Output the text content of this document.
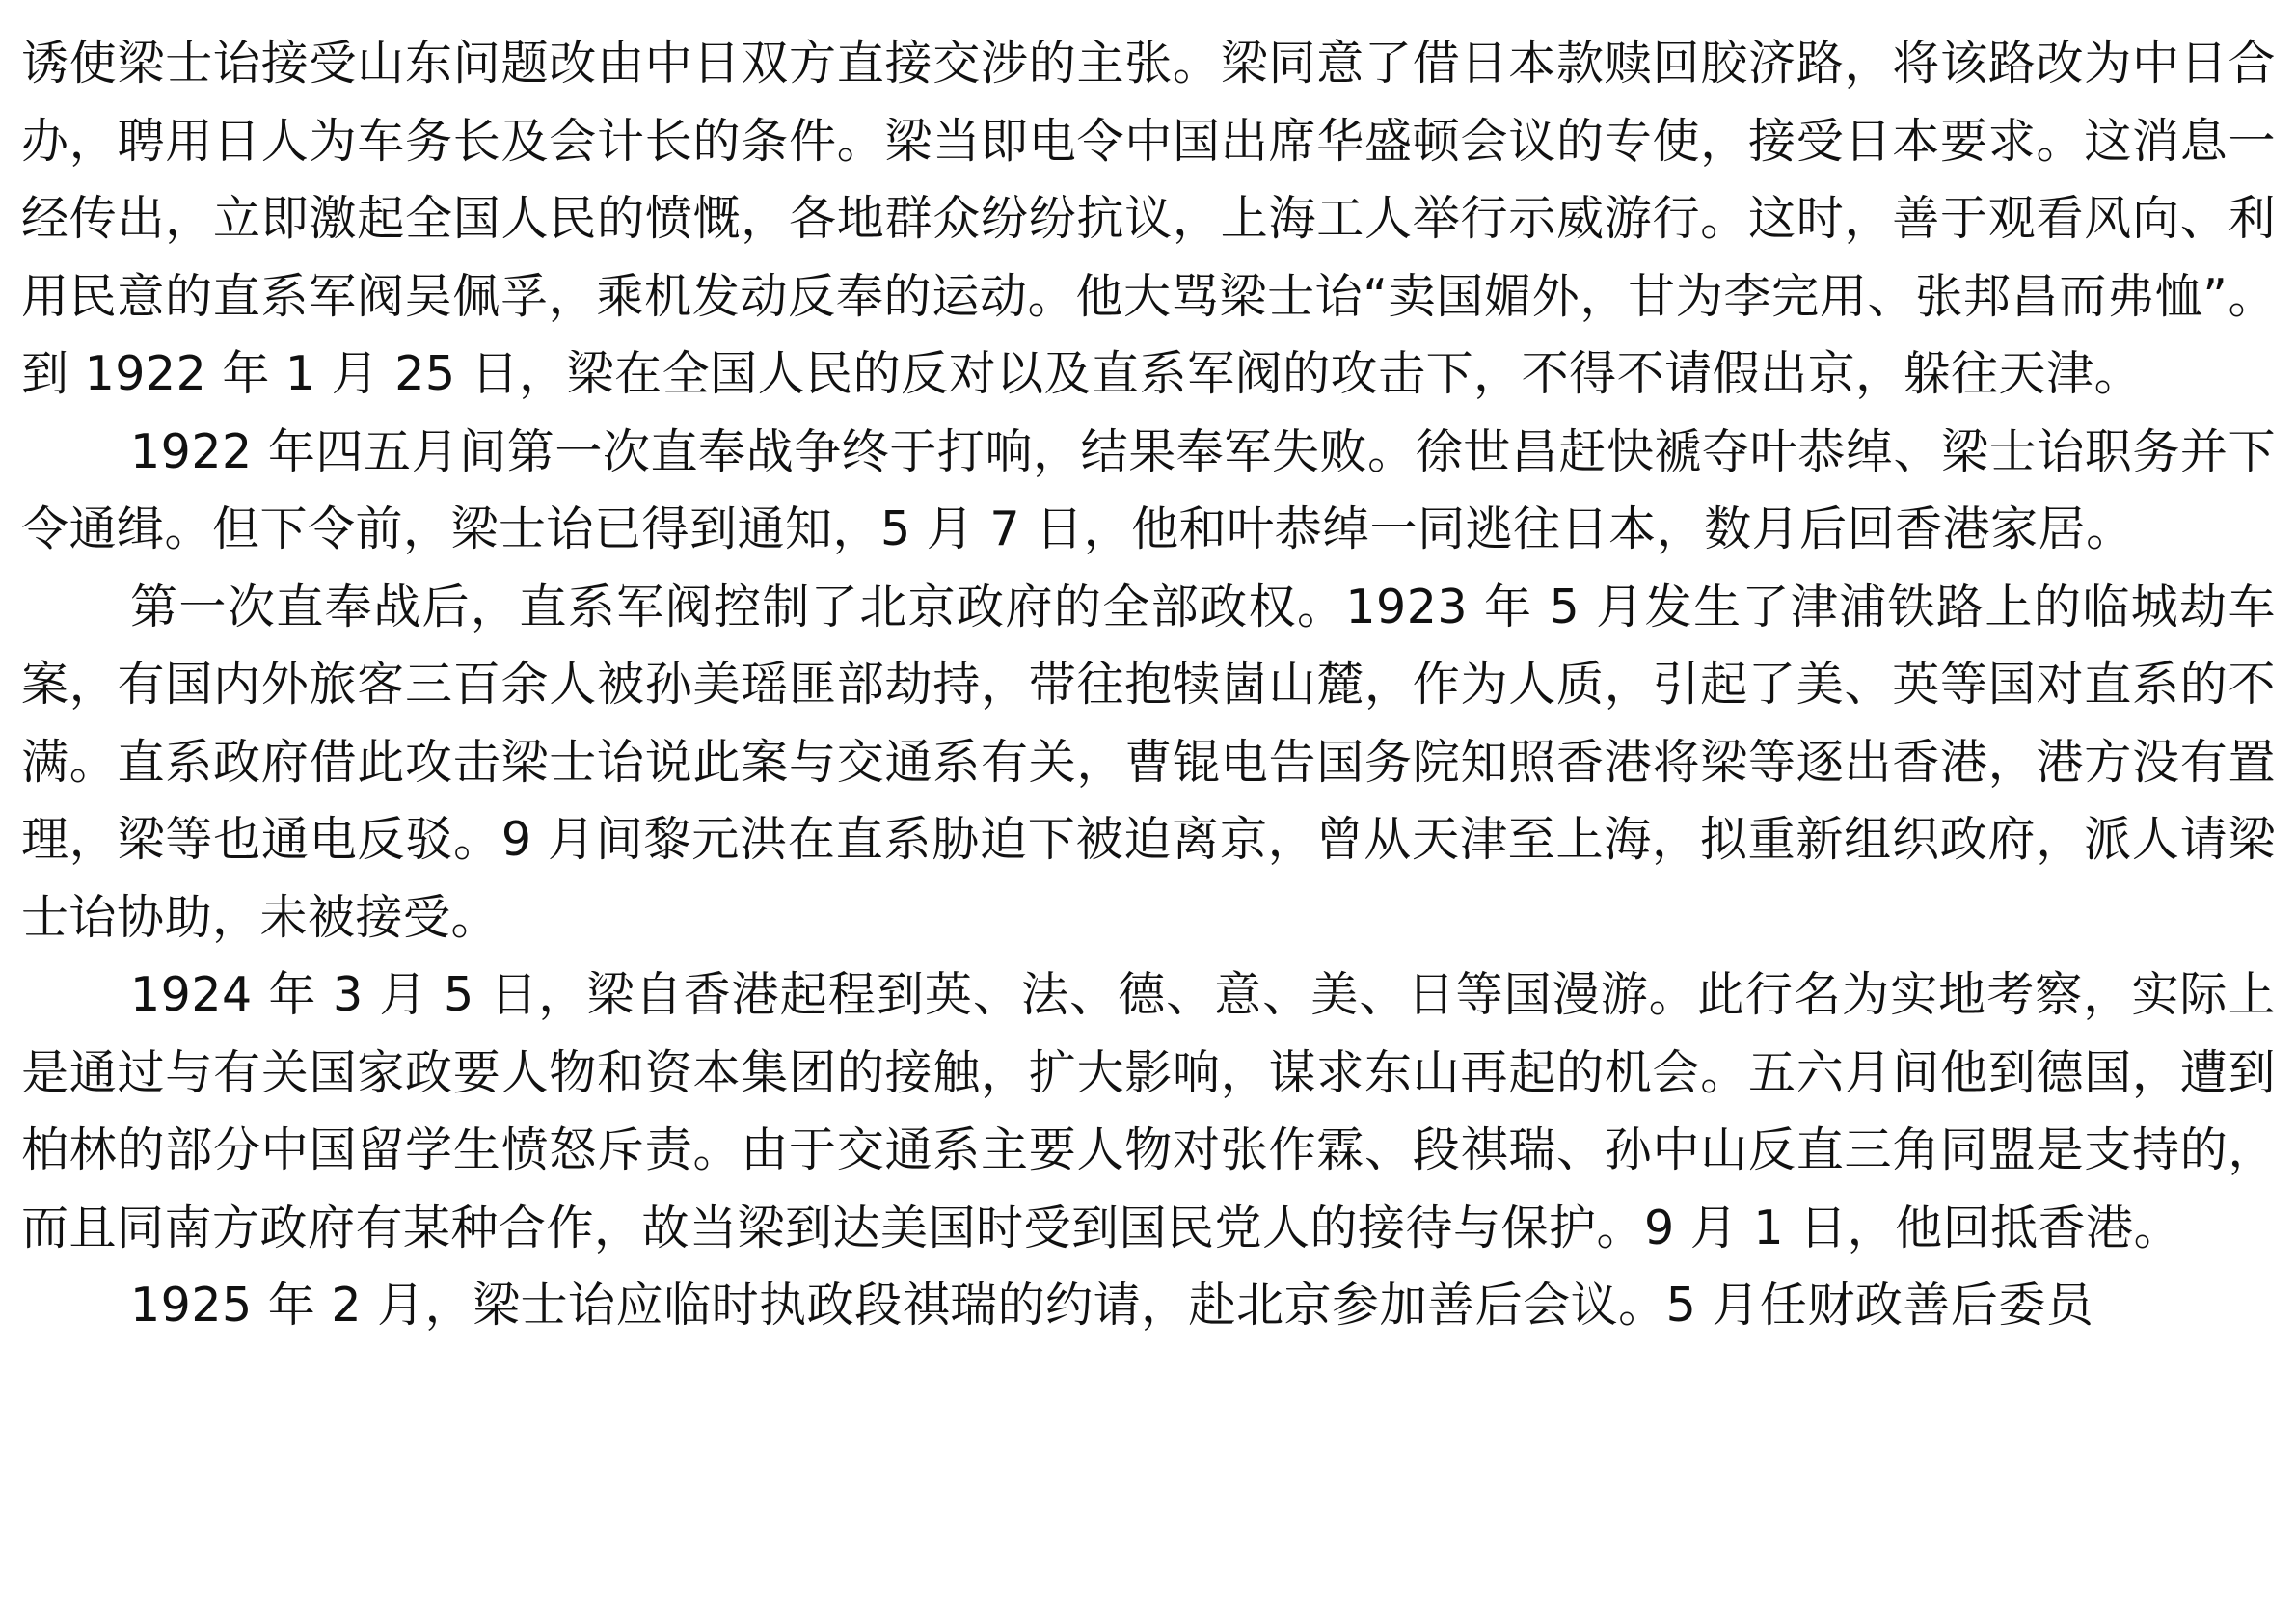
诱使梁士诒接受山东问题改由中日双方直接交涉的主张。梁同意了借日本款赎回胶济路，将该路改为中日合办，聘用日人为车务长及会计长的条件。梁当即电令中国出席华盛顿会议的专使，接受日本要求。这消息一经传出，立即激起全国人民的愤慨，各地群众纷纷抗议，上海工人举行示威游行。这时，善于观看风向、利用民意的直系军阀吴佩孚，乘机发动反奉的运动。他大骂梁士诒“卖国媚外，甘为李完用、张邦昌而弗恤”。到 1922 年 1 月 25 日，梁在全国人民的反对以及直系军阀的攻击下，不得不请假出京，躲往天津。

1922 年四五月间第一次直奉战争终于打响，结果奉军失败。徐世昌赶快褫夺叶恭绰、梁士诒职务并下令通缉。但下令前，梁士诒已得到通知，5 月 7 日，他和叶恭绰一同逃往日本，数月后回香港家居。

第一次直奉战后，直系军阀控制了北京政府的全部政权。1923 年 5 月发生了津浦铁路上的临城劫车案，有国内外旅客三百余人被孙美瑶匪部劫持，带往抱犊崮山麓，作为人质，引起了美、英等国对直系的不满。直系政府借此攻击梁士诒说此案与交通系有关，曹锟电告国务院知照香港将梁等逐出香港，港方没有置理，梁等也通电反驳。9 月间黎元洪在直系胁迫下被迫离京，曾从天津至上海，拟重新组织政府，派人请梁士诒协助，未被接受。

1924 年 3 月 5 日，梁自香港起程到英、法、德、意、美、日等国漫游。此行名为实地考察，实际上是通过与有关国家政要人物和资本集团的接触，扩大影响，谋求东山再起的机会。五六月间他到德国，遭到柏林的部分中国留学生愤怒斥责。由于交通系主要人物对张作霖、段祺瑞、孙中山反直三角同盟是支持的，而且同南方政府有某种合作，故当梁到达美国时受到国民党人的接待与保护。9 月 1 日，他回抵香港。

1925 年 2 月，梁士诒应临时执政段祺瑞的约请，赴北京参加善后会议。5 月任财政善后委员
